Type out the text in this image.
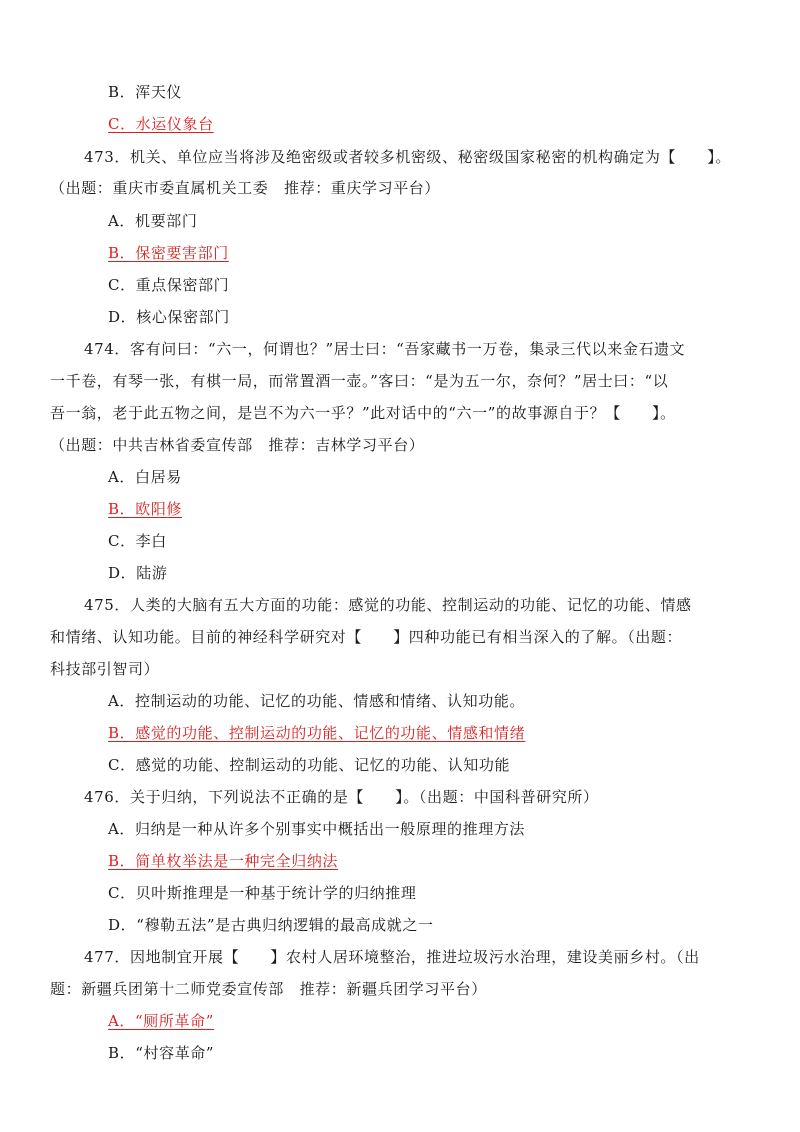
B．浑天仪
C．水运仪象台
473．机关、单位应当将涉及绝密级或者较多机密级、秘密级国家秘密的机构确定为【　　】。
（出题：重庆市委直属机关工委　推荐：重庆学习平台）
A．机要部门
B．保密要害部门
C．重点保密部门
D．核心保密部门
474．客有问曰：“六一，何谓也？”居士曰：“吾家藏书一万卷，集录三代以来金石遗文
一千卷，有琴一张，有棋一局，而常置酒一壶。”客曰：“是为五一尔，奈何？”居士曰：“以
吾一翁，老于此五物之间，是岂不为六一乎？”此对话中的“六一”的故事源自于？【　　】。
（出题：中共吉林省委宣传部　推荐：吉林学习平台）
A．白居易
B．欧阳修
C．李白
D．陆游
475．人类的大脑有五大方面的功能：感觉的功能、控制运动的功能、记忆的功能、情感
和情绪、认知功能。目前的神经科学研究对【　　】四种功能已有相当深入的了解。（出题：
科技部引智司）
A．控制运动的功能、记忆的功能、情感和情绪、认知功能。
B．感觉的功能、控制运动的功能、记忆的功能、情感和情绪
C．感觉的功能、控制运动的功能、记忆的功能、认知功能
476．关于归纳，下列说法不正确的是【　　】。（出题：中国科普研究所）
A．归纳是一种从许多个别事实中概括出一般原理的推理方法
B．简单枚举法是一种完全归纳法
C．贝叶斯推理是一种基于统计学的归纳推理
D．“穆勒五法”是古典归纳逻辑的最高成就之一
477．因地制宜开展【　　】农村人居环境整治，推进垃圾污水治理，建设美丽乡村。（出
题：新疆兵团第十二师党委宣传部　推荐：新疆兵团学习平台）
A．“厕所革命”
B．“村容革命”
